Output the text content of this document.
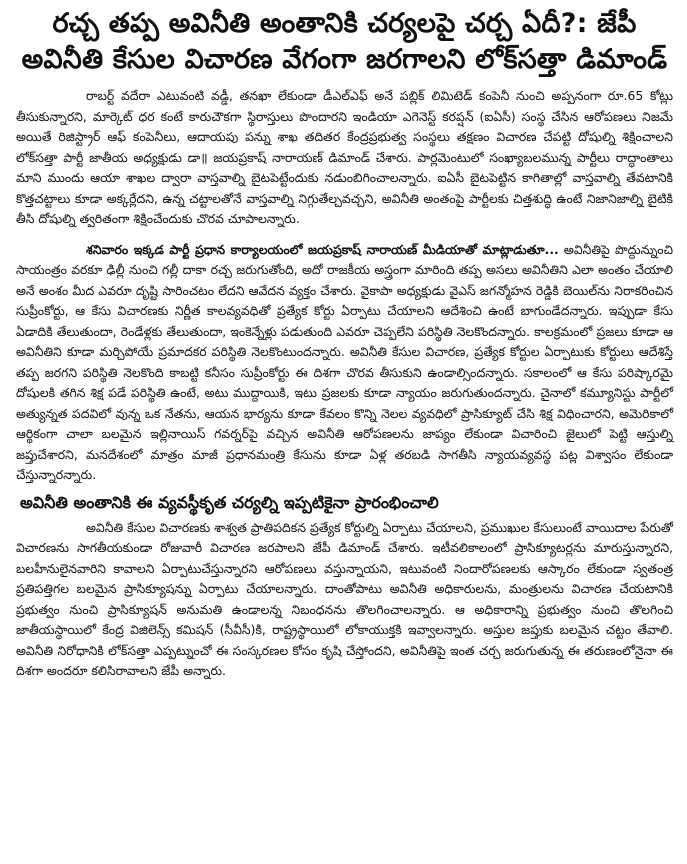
రచ్చ తప్ప అవినీతి అంతానికి చర్యలపై చర్చ ఏదీ?: జేపీ
అవినీతి కేసుల విచారణ వేగంగా జరగాలని లోక్‌సత్తా డిమాండ్

రాబర్ట్ వదేరా ఎటువంటి వడ్డీ, తనఖా లేకుండా డీఎల్ఎఫ్ అనే పబ్లిక్ లిమిటెడ్ కంపెనీ నుంచి అప్పనంగా రూ.65 కోట్లు తీసుకున్నారని, మార్కెట్ ధర కంటే కారుచౌకగా స్థిరాస్తులు పొందారని ఇండియా ఎగెనెస్ట్ కరప్షన్ (ఐఏసీ) సంస్థ చేసిన ఆరోపణలు నిజమే అయితే రిజిస్ట్రార్ ఆఫ్ కంపెనీలు, ఆదాయపు పన్ను శాఖ తదితర కేంద్రప్రభుత్వ సంస్థలు తక్షణం విచారణ చేపట్టి దోషుల్ని శిక్షించాలని లోక్‌సత్తా పార్టీ జాతీయ అధ్యక్షుడు డా॥ జయప్రకాష్ నారాయణ్ డిమాండ్ చేశారు. పార్లమెంటులో సంఖ్యాబలమున్న పార్టీలు రాద్ధాంతాలు మాని ముందు ఆయా శాఖల ద్వారా వాస్తవాల్ని బైటపెట్టేందుకు నడుంబిగించాలన్నారు. ఐఏసీ బైటపెట్టిన కాగితాల్లో వాస్తవాల్ని తేవటానికి కొత్తచట్టాలు కూడా అక్కర్లేదని, ఉన్న చట్టాలతోనే వాస్తవాల్ని నిగ్గుతేల్చవచ్చని, అవినీతి అంతంపై పార్టీలకు చిత్తశుద్ధి ఉంటే నిజానిజాల్ని బైటికి తీసి దోషుల్ని త్వరితంగా శిక్షించేందుకు చొరవ చూపాలన్నారు.

శనివారం ఇక్కడ పార్టీ ప్రధాన కార్యాలయంలో జయప్రకాష్ నారాయణ్ మీడియాతో మాట్లాడుతూ... అవినీతిపై పొద్దున్నుంచి సాయంత్రం వరకూ ఢిల్లీ నుంచి గల్లీ దాకా రచ్చ జరుగుతోంది, అదో రాజకీయ అస్త్రంగా మారింది తప్ప అసలు అవినీతిని ఎలా అంతం చేయాలి అనే అంశం మీద ఎవరూ దృష్టి సారించటం లేదని ఆవేదన వ్యక్తం చేశారు. వైకాపా అధ్యక్షుడు వైఎస్ జగన్మోహన రెడ్డికి బెయిల్‌ను నిరాకరించిన సుప్రీంకోర్టు, ఆ కేసు విచారణకు నిర్ణీత కాలవ్యవధితో ప్రత్యేక కోర్టు ఏర్పాటు చేయాలని ఆదేశించి ఉంటే బాగుండేదన్నారు. ఇప్పుడా కేసు ఏడాదికి తేలుతుందా, రెండేళ్లకు తేలుతుందా, ఇంకెన్నేళ్లు పడుతుంది ఎవరూ చెప్పలేని పరిస్థితి నెలకొందన్నారు. కాలక్రమంలో ప్రజలు కూడా ఆ అవినీతిని కూడా మర్చిపోయే ప్రమాదకర పరిస్థితి నెలకొంటుందన్నారు. అవినీతి కేసుల విచారణ, ప్రత్యేక కోర్టుల ఏర్పాటుకు కోర్టులు ఆదేశిస్తే తప్ప జరగని పరిస్థితి నెలకొంది కాబట్టి కనీసం సుప్రీంకోర్టు ఈ దిశగా చొరవ తీసుకుని ఉండాల్సిందన్నారు. సకాలంలో ఆ కేసు పరిష్కారమై దోషులకి తగిన శిక్ష పడే పరిస్థితి ఉంటే, అటు ముద్దాయికి, ఇటు ప్రజలకు కూడా న్యాయం జరుగుతుందన్నారు. చైనాలో కమ్యూనిస్టు పార్టీలో అత్యున్నత పదవిలో వున్న ఒక నేతను, ఆయన భార్యను కూడా కేవలం కొన్ని నెలల వ్యవధిలో ప్రాసిక్యూట్ చేసి శిక్ష విధించారని, అమెరికాలో ఆర్థికంగా చాలా బలమైన ఇల్లినాయిస్ గవర్నర్‌పై వచ్చిన అవినీతి ఆరోపణలను జాప్యం లేకుండా విచారించి జైలులో పెట్టి ఆస్తుల్ని జప్తుచేశారని, మనదేశంలో మాత్రం మాజీ ప్రధానమంత్రి కేసును కూడా ఏళ్ల తరబడి సాగతీసి న్యాయవ్యవస్థ పట్ల విశ్వాసం లేకుండా చేస్తున్నారన్నారు.

అవినీతి అంతానికి ఈ వ్యవస్థీకృత చర్యల్ని ఇప్పటికైనా ప్రారంభించాలి

అవినీతి కేసుల విచారణకు శాశ్వత ప్రాతిపదికన ప్రత్యేక కోర్టుల్ని ఏర్పాటు చేయాలని, ప్రముఖుల కేసులుంటే వాయిదాల పేరుతో విచారణను సాగతీయకుండా రోజువారీ విచారణ జరపాలని జేపీ డిమాండ్ చేశారు. ఇటీవలికాలంలో ప్రాసిక్యూటర్లను మారుస్తున్నారని, బలహీనులైనవారిని కావాలని ఏర్పాటుచేస్తున్నారని ఆరోపణలు వస్తున్నాయని, ఇటువంటి నిందారోపణలకు ఆస్కారం లేకుండా స్వతంత్ర ప్రతిపత్తిగల బలమైన ప్రాసిక్యూషన్ను ఏర్పాటు చేయాలన్నారు. దాంతోపాటు అవినీతి అధికారులను, మంత్రులను విచారణ చేయటానికి ప్రభుత్వం నుంచి ప్రాసిక్యూషన్ అనుమతి ఉండాలన్న నిబంధనను తొలగించాలన్నారు. ఆ అధికారాన్ని ప్రభుత్వం నుంచి తొలగించి జాతీయస్థాయిలో కేంద్ర విజిలెన్స్ కమిషన్ (సీవీసీ)కి, రాష్ట్రస్థాయిలో లోకాయుక్తకి ఇవ్వాలన్నారు. అస్తుల జప్తుకు బలమైన చట్టం తేవాలి. అవినీతి నిరోధానికి లోక్‌సత్తా ఎప్పట్నుంచో ఈ సంస్కరణల కోసం కృషి చేస్తోందని, అవినీతిపై ఇంత చర్చ జరుగుతున్న ఈ తరుణంలోనైనా ఈ దిశగా అందరూ కలిసిరావాలని జేపీ అన్నారు.
